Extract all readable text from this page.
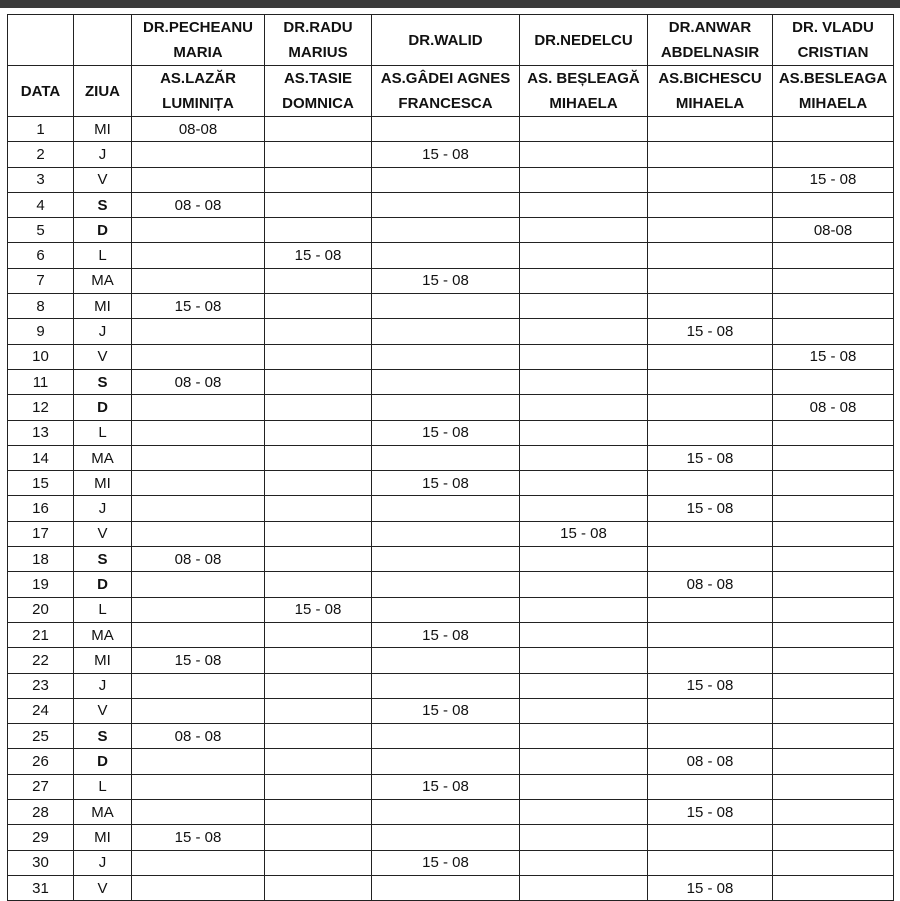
		DR.PECHEANU MARIA	DR.RADU MARIUS	DR.WALID	DR.NEDELCU	DR.ANWAR ABDELNASIR	DR. VLADU CRISTIAN
DATA	ZIUA	AS.LAZĂR LUMINIȚA	AS.TASIE DOMNICA	AS.GÂDEI AGNES FRANCESCA	AS. BEȘLEAGĂ MIHAELA	AS.BICHESCU MIHAELA	AS.BESLEAGA MIHAELA
1	MI	08-08					
2	J			15 - 08			
3	V						15 - 08
4	S	08 - 08					
5	D						08-08
6	L		15 - 08				
7	MA			15 - 08			
8	MI	15 - 08					
9	J					15 - 08	
10	V						15 - 08
11	S	08 - 08					
12	D						08 - 08
13	L			15 - 08			
14	MA					15 - 08	
15	MI			15 - 08			
16	J					15 - 08	
17	V				15 - 08		
18	S	08 - 08					
19	D					08 - 08	
20	L		15 - 08				
21	MA			15 - 08			
22	MI	15 - 08					
23	J					15 - 08	
24	V			15 - 08			
25	S	08 - 08					
26	D					08 - 08	
27	L			15 - 08			
28	MA					15 - 08	
29	MI	15 - 08					
30	J			15 - 08			
31	V					15 - 08	
